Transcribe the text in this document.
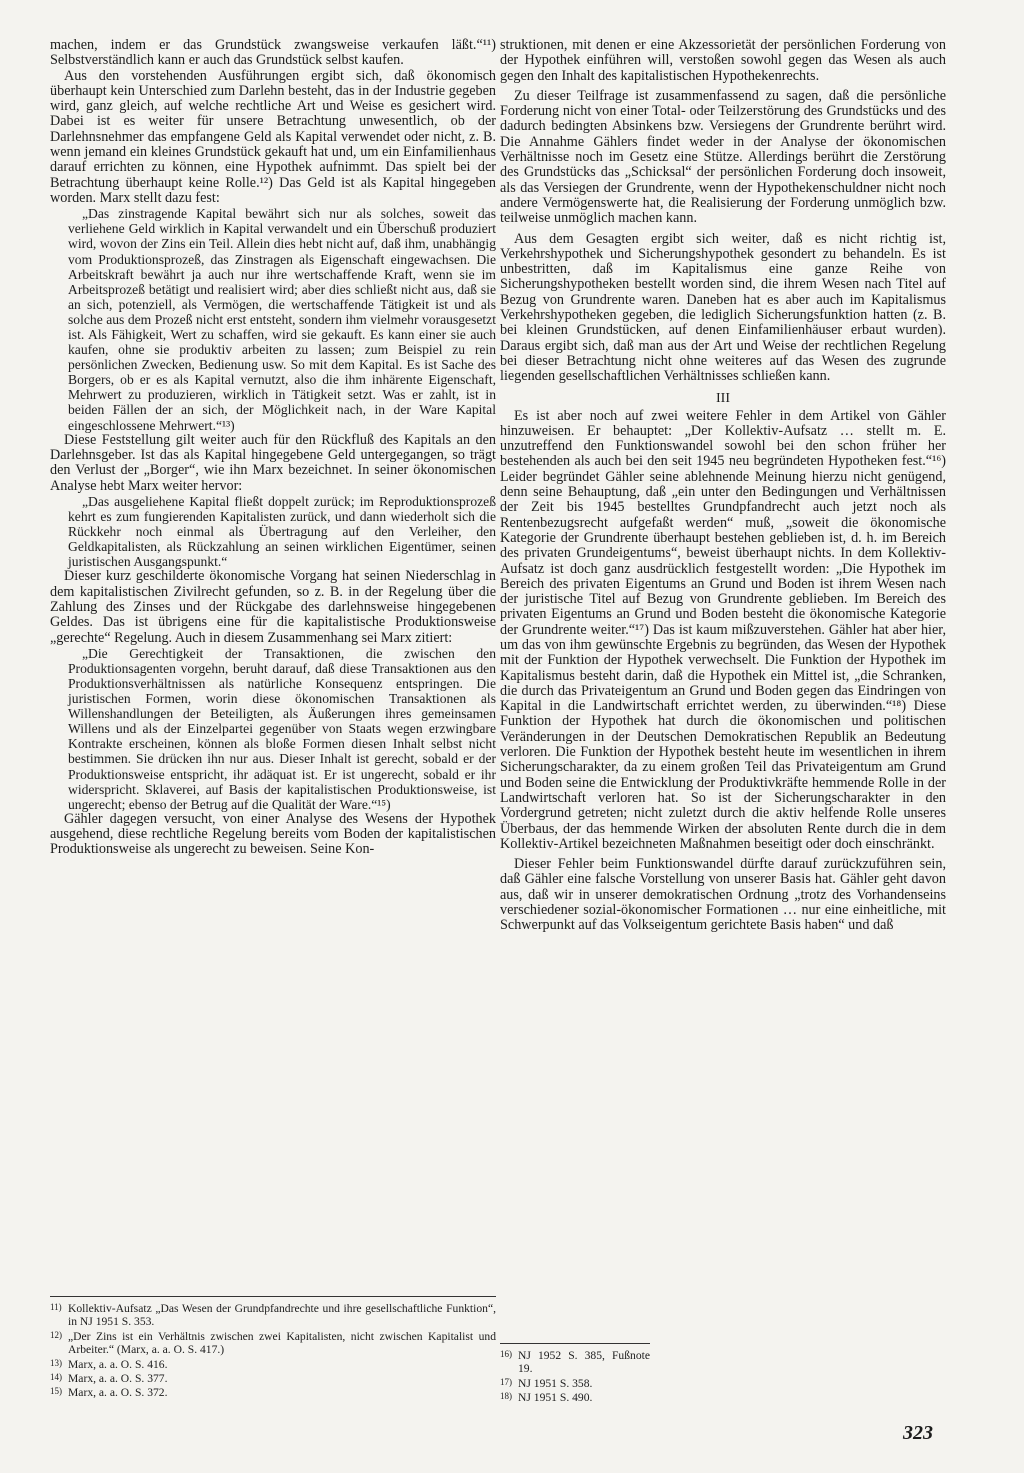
machen, indem er das Grundstück zwangsweise verkaufen läßt.“¹¹) Selbstverständlich kann er auch das Grundstück selbst kaufen.

Aus den vorstehenden Ausführungen ergibt sich, daß ökonomisch überhaupt kein Unterschied zum Darlehn besteht, das in der Industrie gegeben wird, ganz gleich, auf welche rechtliche Art und Weise es gesichert wird. Dabei ist es weiter für unsere Betrachtung unwesentlich, ob der Darlehnsnehmer das empfangene Geld als Kapital verwendet oder nicht, z. B. wenn jemand ein kleines Grundstück gekauft hat und, um ein Einfamilienhaus darauf errichten zu können, eine Hypothek aufnimmt. Das spielt bei der Betrachtung überhaupt keine Rolle.¹²) Das Geld ist als Kapital hingegeben worden. Marx stellt dazu fest:

„Das zinstragende Kapital bewährt sich nur als solches, soweit das verliehene Geld wirklich in Kapital verwandelt und ein Überschuß produziert wird, wovon der Zins ein Teil. Allein dies hebt nicht auf, daß ihm, unabhängig vom Produktionsprozeß, das Zinstragen als Eigenschaft eingewachsen. Die Arbeitskraft bewährt ja auch nur ihre wertschaffende Kraft, wenn sie im Arbeitsprozeß betätigt und realisiert wird; aber dies schließt nicht aus, daß sie an sich, potenziell, als Vermögen, die wertschaffende Tätigkeit ist und als solche aus dem Prozeß nicht erst entsteht, sondern ihm vielmehr vorausgesetzt ist. Als Fähigkeit, Wert zu schaffen, wird sie gekauft. Es kann einer sie auch kaufen, ohne sie produktiv arbeiten zu lassen; zum Beispiel zu rein persönlichen Zwecken, Bedienung usw. So mit dem Kapital. Es ist Sache des Borgers, ob er es als Kapital vernutzt, also die ihm inhärente Eigenschaft, Mehrwert zu produzieren, wirklich in Tätigkeit setzt. Was er zahlt, ist in beiden Fällen der an sich, der Möglichkeit nach, in der Ware Kapital eingeschlossene Mehrwert.“¹³)

Diese Feststellung gilt weiter auch für den Rückfluß des Kapitals an den Darlehnsgeber. Ist das als Kapital hingegebene Geld untergegangen, so trägt den Verlust der „Borger“, wie ihn Marx bezeichnet. In seiner ökonomischen Analyse hebt Marx weiter hervor:

„Das ausgeliehene Kapital fließt doppelt zurück; im Reproduktionsprozeß kehrt es zum fungierenden Kapitalisten zurück, und dann wiederholt sich die Rückkehr noch einmal als Übertragung auf den Verleiher, den Geldkapitalisten, als Rückzahlung an seinen wirklichen Eigentümer, seinen juristischen Ausgangspunkt.“

Dieser kurz geschilderte ökonomische Vorgang hat seinen Niederschlag in dem kapitalistischen Zivilrecht gefunden, so z. B. in der Regelung über die Zahlung des Zinses und der Rückgabe des darlehnsweise hingegebenen Geldes. Das ist übrigens eine für die kapitalistische Produktionsweise „gerechte“ Regelung. Auch in diesem Zusammenhang sei Marx zitiert:

„Die Gerechtigkeit der Transaktionen, die zwischen den Produktionsagenten vorgehn, beruht darauf, daß diese Transaktionen aus den Produktionsverhältnissen als natürliche Konsequenz entspringen. Die juristischen Formen, worin diese ökonomischen Transaktionen als Willenshandlungen der Beteiligten, als Äußerungen ihres gemeinsamen Willens und als der Einzelpartei gegenüber von Staats wegen erzwingbare Kontrakte erscheinen, können als bloße Formen diesen Inhalt selbst nicht bestimmen. Sie drücken ihn nur aus. Dieser Inhalt ist gerecht, sobald er der Produktionsweise entspricht, ihr adäquat ist. Er ist ungerecht, sobald er ihr widerspricht. Sklaverei, auf Basis der kapitalistischen Produktionsweise, ist ungerecht; ebenso der Betrug auf die Qualität der Ware.“¹⁵)

Gähler dagegen versucht, von einer Analyse des Wesens der Hypothek ausgehend, diese rechtliche Regelung bereits vom Boden der kapitalistischen Produktionsweise als ungerecht zu beweisen. Seine Kon-

struktionen, mit denen er eine Akzessorietät der persönlichen Forderung von der Hypothek einführen will, verstoßen sowohl gegen das Wesen als auch gegen den Inhalt des kapitalistischen Hypothekenrechts.

Zu dieser Teilfrage ist zusammenfassend zu sagen, daß die persönliche Forderung nicht von einer Total- oder Teilzerstörung des Grundstücks und des dadurch bedingten Absinkens bzw. Versiegens der Grundrente berührt wird. Die Annahme Gählers findet weder in der Analyse der ökonomischen Verhältnisse noch im Gesetz eine Stütze. Allerdings berührt die Zerstörung des Grundstücks das „Schicksal“ der persönlichen Forderung doch insoweit, als das Versiegen der Grundrente, wenn der Hypothekenschuldner nicht noch andere Vermögenswerte hat, die Realisierung der Forderung unmöglich bzw. teilweise unmöglich machen kann.

Aus dem Gesagten ergibt sich weiter, daß es nicht richtig ist, Verkehrshypothek und Sicherungshypothek gesondert zu behandeln. Es ist unbestritten, daß im Kapitalismus eine ganze Reihe von Sicherungshypotheken bestellt worden sind, die ihrem Wesen nach Titel auf Bezug von Grundrente waren. Daneben hat es aber auch im Kapitalismus Verkehrshypotheken gegeben, die lediglich Sicherungsfunktion hatten (z. B. bei kleinen Grundstücken, auf denen Einfamilienhäuser erbaut wurden). Daraus ergibt sich, daß man aus der Art und Weise der rechtlichen Regelung bei dieser Betrachtung nicht ohne weiteres auf das Wesen des zugrunde liegenden gesellschaftlichen Verhältnisses schließen kann.

III

Es ist aber noch auf zwei weitere Fehler in dem Artikel von Gähler hinzuweisen. Er behauptet: „Der Kollektiv-Aufsatz … stellt m. E. unzutreffend den Funktionswandel sowohl bei den schon früher her bestehenden als auch bei den seit 1945 neu begründeten Hypotheken fest.“¹⁶) Leider begründet Gähler seine ablehnende Meinung hierzu nicht genügend, denn seine Behauptung, daß „ein unter den Bedingungen und Verhältnissen der Zeit bis 1945 bestelltes Grundpfandrecht auch jetzt noch als Rentenbezugsrecht aufgefaßt werden“ muß, „soweit die ökonomische Kategorie der Grundrente überhaupt bestehen geblieben ist, d. h. im Bereich des privaten Grundeigentums“, beweist überhaupt nichts. In dem Kollektiv-Aufsatz ist doch ganz ausdrücklich festgestellt worden: „Die Hypothek im Bereich des privaten Eigentums an Grund und Boden ist ihrem Wesen nach der juristische Titel auf Bezug von Grundrente geblieben. Im Bereich des privaten Eigentums an Grund und Boden besteht die ökonomische Kategorie der Grundrente weiter.“¹⁷) Das ist kaum mißzuverstehen. Gähler hat aber hier, um das von ihm gewünschte Ergebnis zu begründen, das Wesen der Hypothek mit der Funktion der Hypothek verwechselt. Die Funktion der Hypothek im Kapitalismus besteht darin, daß die Hypothek ein Mittel ist, „die Schranken, die durch das Privateigentum an Grund und Boden gegen das Eindringen von Kapital in die Landwirtschaft errichtet werden, zu überwinden.“¹⁸) Diese Funktion der Hypothek hat durch die ökonomischen und politischen Veränderungen in der Deutschen Demokratischen Republik an Bedeutung verloren. Die Funktion der Hypothek besteht heute im wesentlichen in ihrem Sicherungscharakter, da zu einem großen Teil das Privateigentum am Grund und Boden seine die Entwicklung der Produktivkräfte hemmende Rolle in der Landwirtschaft verloren hat. So ist der Sicherungscharakter in den Vordergrund getreten; nicht zuletzt durch die aktiv helfende Rolle unseres Überbaus, der das hemmende Wirken der absoluten Rente durch die in dem Kollektiv-Artikel bezeichneten Maßnahmen beseitigt oder doch einschränkt.

Dieser Fehler beim Funktionswandel dürfte darauf zurückzuführen sein, daß Gähler eine falsche Vorstellung von unserer Basis hat. Gähler geht davon aus, daß wir in unserer demokratischen Ordnung „trotz des Vorhandenseins verschiedener sozial-ökonomischer Formationen … nur eine einheitliche, mit Schwerpunkt auf das Volkseigentum gerichtete Basis haben“ und daß

11) Kollektiv-Aufsatz „Das Wesen der Grundpfandrechte und ihre gesellschaftliche Funktion“, in NJ 1951 S. 353.
12) „Der Zins ist ein Verhältnis zwischen zwei Kapitalisten, nicht zwischen Kapitalist und Arbeiter.“ (Marx, a. a. O. S. 417.)
13) Marx, a. a. O. S. 416.
14) Marx, a. a. O. S. 377.
15) Marx, a. a. O. S. 372.
16) NJ 1952 S. 385, Fußnote 19.
17) NJ 1951 S. 358.
18) NJ 1951 S. 490.
323
